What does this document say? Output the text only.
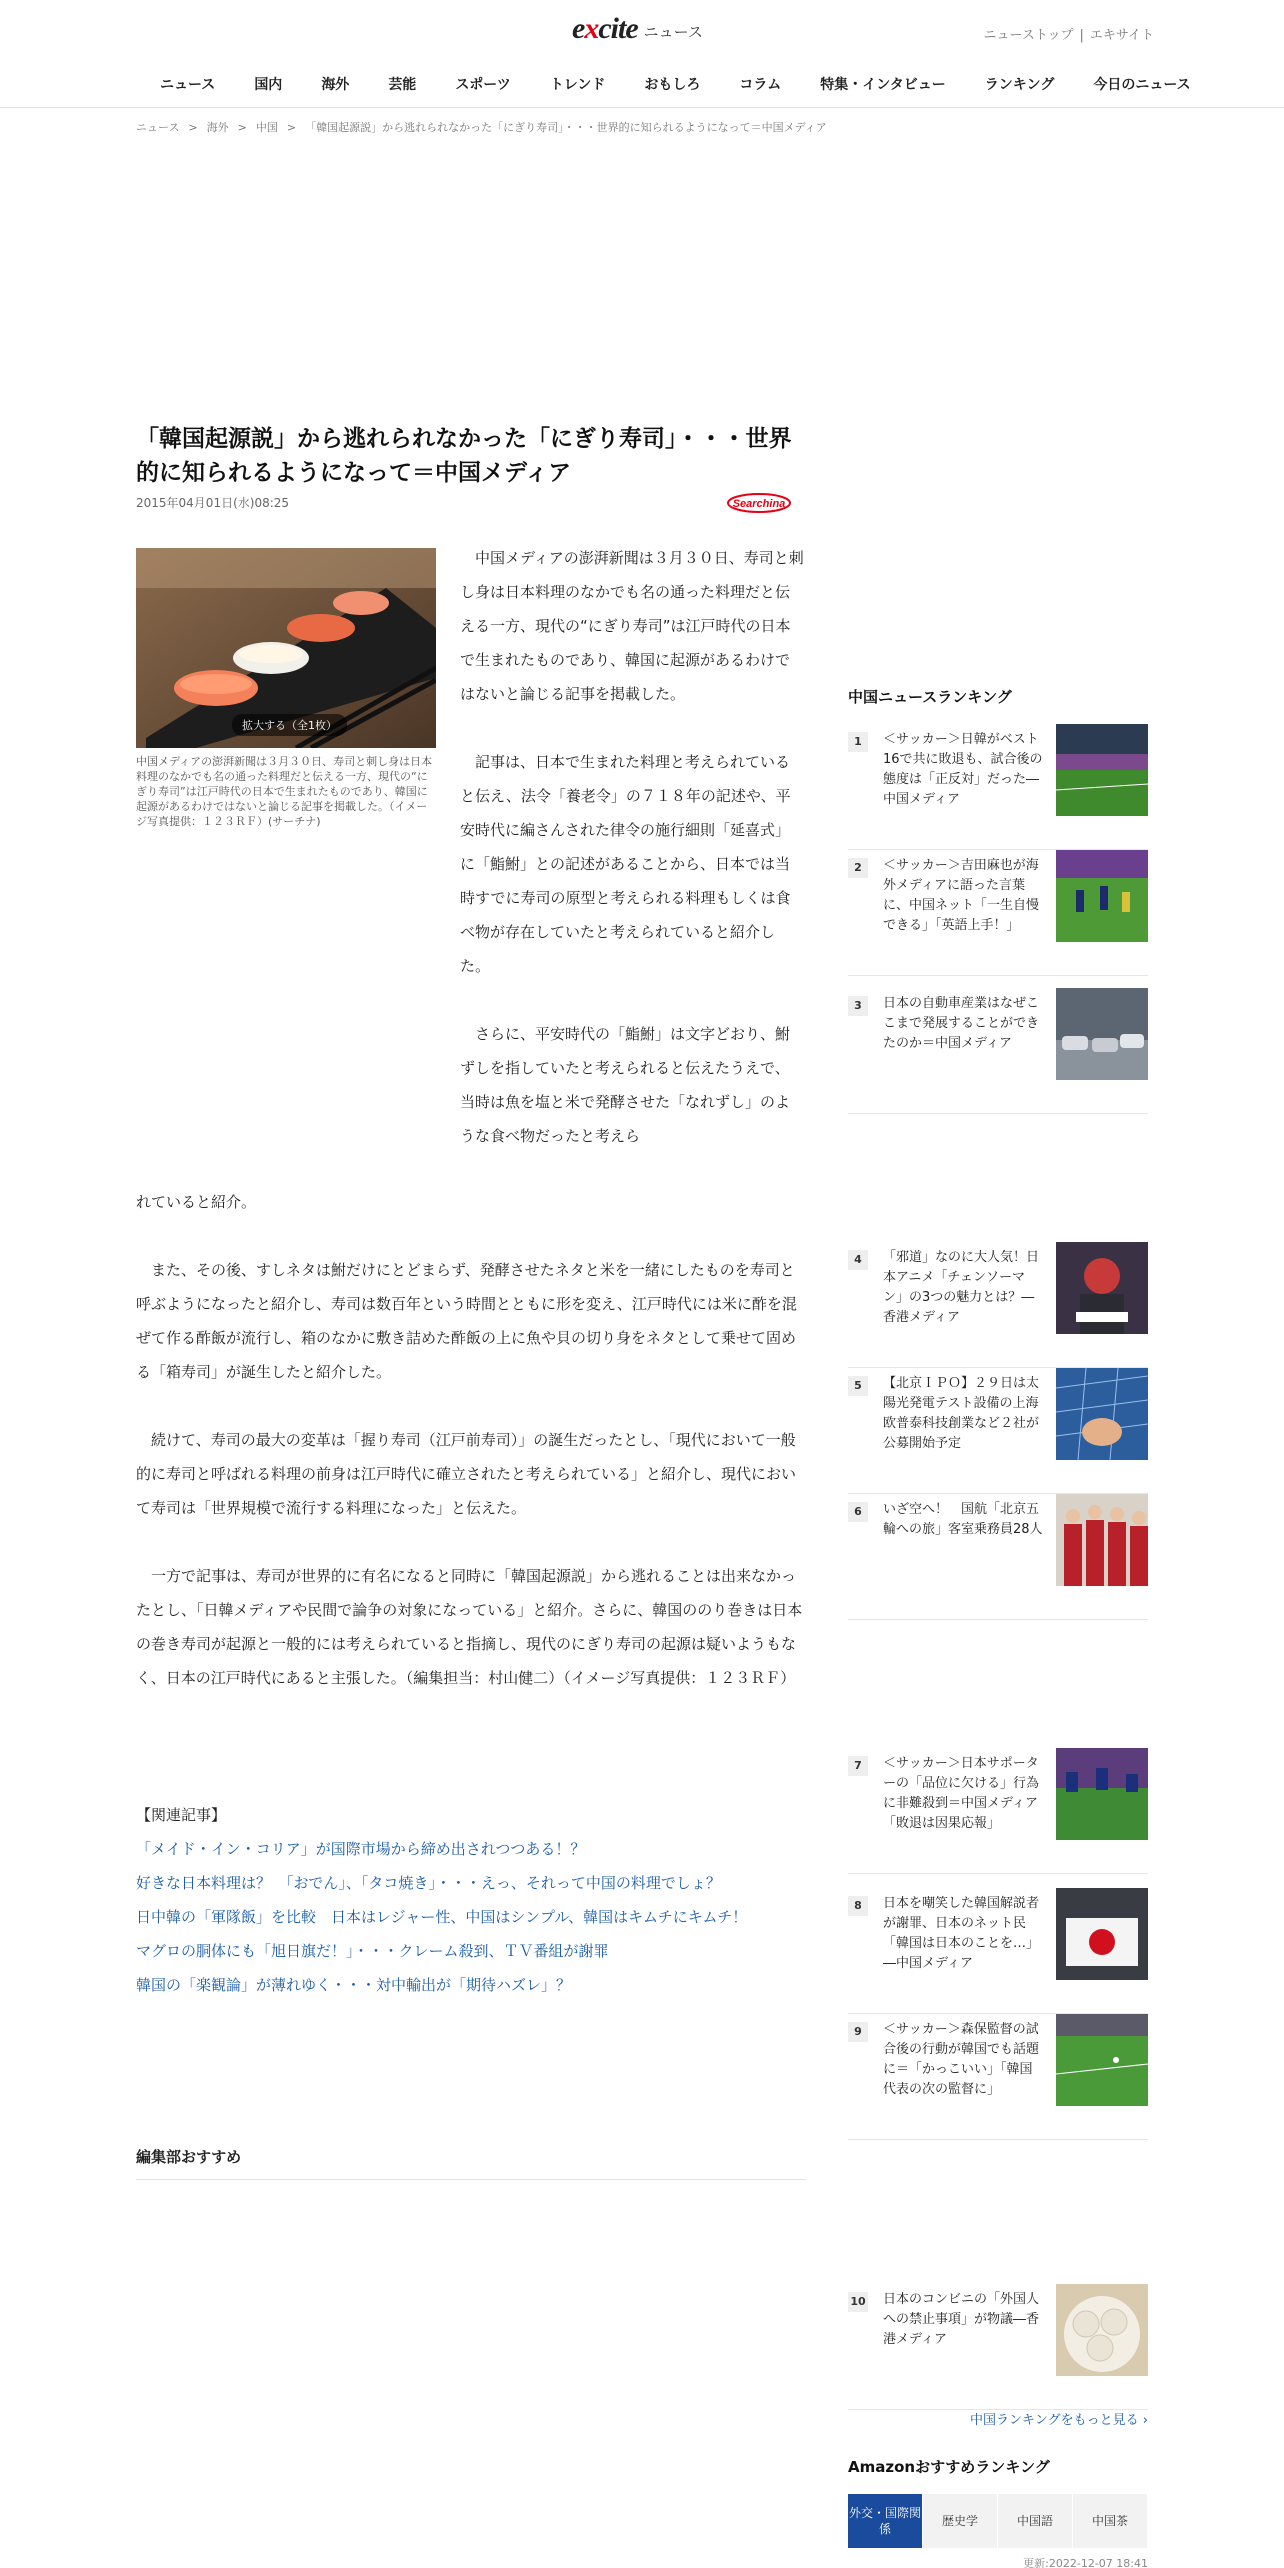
excite ニュース	ニューストップ | エキサイト
ニュース	国内	海外	芸能	スポーツ	トレンド	おもしろ	コラム	特集・インタビュー	ランキング	今日のニュース
ニュース > 海外 > 中国 > 「韓国起源説」から逃れられなかった「にぎり寿司」・・・世界的に知られるようになって＝中国メディア
「韓国起源説」から逃れられなかった「にぎり寿司」・・・世界的に知られるようになって＝中国メディア
2015年04月01日(水)08:25	Searchina
拡大する（全1枚）
中国メディアの澎湃新聞は３月３０日、寿司と刺し身は日本料理のなかでも名の通った料理だと伝える一方、現代の“にぎり寿司”は江戸時代の日本で生まれたものであり、韓国に起源があるわけではないと論じる記事を掲載した。（イメージ写真提供：１２３ＲＦ）(サーチナ)

中国メディアの澎湃新聞は３月３０日、寿司と刺し身は日本料理のなかでも名の通った料理だと伝える一方、現代の“にぎり寿司”は江戸時代の日本で生まれたものであり、韓国に起源があるわけではないと論じる記事を掲載した。

記事は、日本で生まれた料理と考えられていると伝え、法令「養老令」の７１８年の記述や、平安時代に編さんされた律令の施行細則「延喜式」に「鮨鮒」との記述があることから、日本では当時すでに寿司の原型と考えられる料理もしくは食べ物が存在していたと考えられていると紹介した。

さらに、平安時代の「鮨鮒」は文字どおり、鮒ずしを指していたと考えられると伝えたうえで、当時は魚を塩と米で発酵させた「なれずし」のような食べ物だったと考えら

れていると紹介。

また、その後、すしネタは鮒だけにとどまらず、発酵させたネタと米を一緒にしたものを寿司と呼ぶようになったと紹介し、寿司は数百年という時間とともに形を変え、江戸時代には米に酢を混ぜて作る酢飯が流行し、箱のなかに敷き詰めた酢飯の上に魚や貝の切り身をネタとして乗せて固める「箱寿司」が誕生したと紹介した。

続けて、寿司の最大の変革は「握り寿司（江戸前寿司）」の誕生だったとし、「現代において一般的に寿司と呼ばれる料理の前身は江戸時代に確立されたと考えられている」と紹介し、現代において寿司は「世界規模で流行する料理になった」と伝えた。

一方で記事は、寿司が世界的に有名になると同時に「韓国起源説」から逃れることは出来なかったとし、「日韓メディアや民間で論争の対象になっている」と紹介。さらに、韓国ののり巻きは日本の巻き寿司が起源と一般的には考えられていると指摘し、現代のにぎり寿司の起源は疑いようもなく、日本の江戸時代にあると主張した。（編集担当：村山健二）（イメージ写真提供：１２３ＲＦ）

【関連記事】
「メイド・イン・コリア」が国際市場から締め出されつつある！？
好きな日本料理は？　「おでん」、「タコ焼き」・・・えっ、それって中国の料理でしょ？
日中韓の「軍隊飯」を比較　日本はレジャー性、中国はシンプル、韓国はキムチにキムチ！
マグロの胴体にも「旭日旗だ！」・・・クレーム殺到、ＴＶ番組が謝罪
韓国の「楽観論」が薄れゆく・・・対中輸出が「期待ハズレ」？
編集部おすすめ
中国ニュースランキング
1	＜サッカー＞日韓がベスト16で共に敗退も、試合後の態度は「正反対」だった―中国メディア
2	＜サッカー＞吉田麻也が海外メディアに語った言葉に、中国ネット「一生自慢できる」「英語上手！」
3	日本の自動車産業はなぜここまで発展することができたのか＝中国メディア
4	「邪道」なのに大人気！日本アニメ「チェンソーマン」の3つの魅力とは？―香港メディア
5	【北京ＩＰＯ】２９日は太陽光発電テスト設備の上海欧普泰科技創業など２社が公募開始予定
6	いざ空へ！　国航「北京五輪への旅」客室乗務員28人
7	＜サッカー＞日本サポーターの「品位に欠ける」行為に非難殺到＝中国メディア「敗退は因果応報」
8	日本を嘲笑した韓国解説者が謝罪、日本のネット民「韓国は日本のことを…」―中国メディア
9	＜サッカー＞森保監督の試合後の行動が韓国でも話題に＝「かっこいい」「韓国代表の次の監督に」
10 日本のコンビニの「外国人への禁止事項」が物議―香港メディア
中国ランキングをもっと見る ›
Amazonおすすめランキング
外交・国際関係
歴史学	中国語	中国茶
更新:2022-12-07 18:41
